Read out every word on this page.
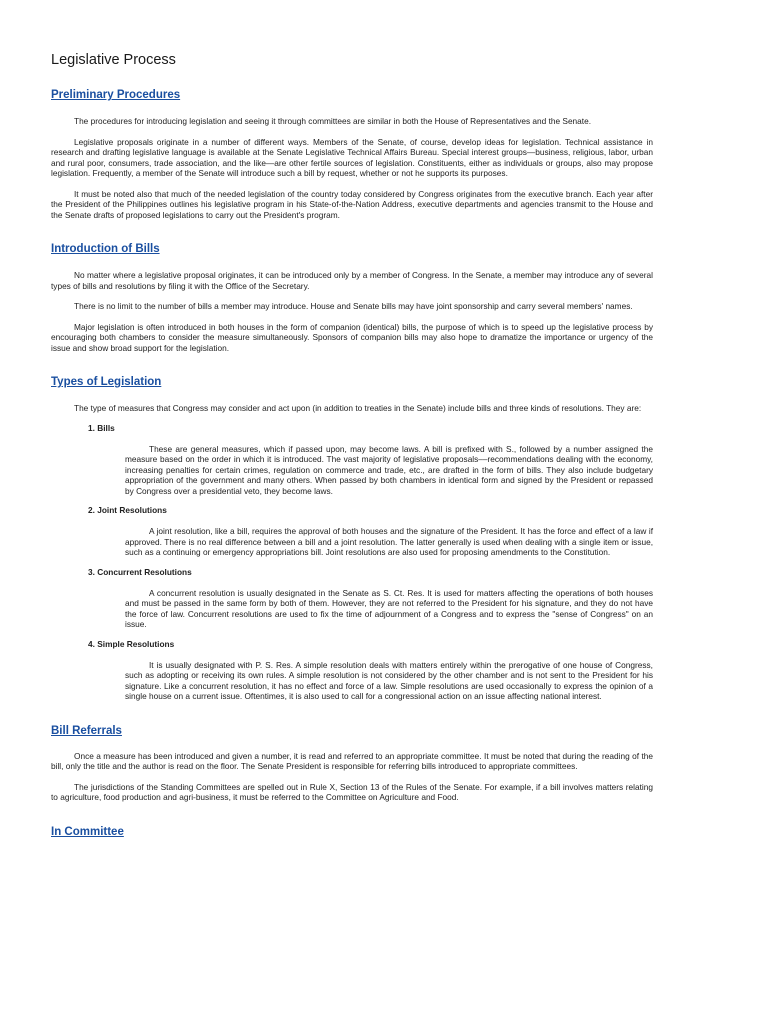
Legislative Process
Preliminary Procedures

The procedures for introducing legislation and seeing it through committees are similar in both the House of Representatives and the Senate.

Legislative proposals originate in a number of different ways. Members of the Senate, of course, develop ideas for legislation. Technical assistance in research and drafting legislative language is available at the Senate Legislative Technical Affairs Bureau. Special interest groups—business, religious, labor, urban and rural poor, consumers, trade association, and the like—are other fertile sources of legislation. Constituents, either as individuals or groups, also may propose legislation. Frequently, a member of the Senate will introduce such a bill by request, whether or not he supports its purposes.

It must be noted also that much of the needed legislation of the country today considered by Congress originates from the executive branch. Each year after the President of the Philippines outlines his legislative program in his State-of-the-Nation Address, executive departments and agencies transmit to the House and the Senate drafts of proposed legislations to carry out the President's program.

Introduction of Bills

No matter where a legislative proposal originates, it can be introduced only by a member of Congress. In the Senate, a member may introduce any of several types of bills and resolutions by filing it with the Office of the Secretary.

There is no limit to the number of bills a member may introduce. House and Senate bills may have joint sponsorship and carry several members' names.

Major legislation is often introduced in both houses in the form of companion (identical) bills, the purpose of which is to speed up the legislative process by encouraging both chambers to consider the measure simultaneously. Sponsors of companion bills may also hope to dramatize the importance or urgency of the issue and show broad support for the legislation.

Types of Legislation

The type of measures that Congress may consider and act upon (in addition to treaties in the Senate) include bills and three kinds of resolutions. They are:

1. Bills
These are general measures, which if passed upon, may become laws. A bill is prefixed with S., followed by a number assigned the measure based on the order in which it is introduced. The vast majority of legislative proposals––recommendations dealing with the economy, increasing penalties for certain crimes, regulation on commerce and trade, etc., are drafted in the form of bills. They also include budgetary appropriation of the government and many others. When passed by both chambers in identical form and signed by the President or repassed by Congress over a presidential veto, they become laws.
2. Joint Resolutions
A joint resolution, like a bill, requires the approval of both houses and the signature of the President. It has the force and effect of a law if approved. There is no real difference between a bill and a joint resolution. The latter generally is used when dealing with a single item or issue, such as a continuing or emergency appropriations bill. Joint resolutions are also used for proposing amendments to the Constitution.
3. Concurrent Resolutions
A concurrent resolution is usually designated in the Senate as S. Ct. Res. It is used for matters affecting the operations of both houses and must be passed in the same form by both of them. However, they are not referred to the President for his signature, and they do not have the force of law. Concurrent resolutions are used to fix the time of adjournment of a Congress and to express the "sense of Congress" on an issue.
4. Simple Resolutions
It is usually designated with P. S. Res. A simple resolution deals with matters entirely within the prerogative of one house of Congress, such as adopting or receiving its own rules. A simple resolution is not considered by the other chamber and is not sent to the President for his signature. Like a concurrent resolution, it has no effect and force of a law. Simple resolutions are used occasionally to express the opinion of a single house on a current issue. Oftentimes, it is also used to call for a congressional action on an issue affecting national interest.
Bill Referrals

Once a measure has been introduced and given a number, it is read and referred to an appropriate committee. It must be noted that during the reading of the bill, only the title and the author is read on the floor. The Senate President is responsible for referring bills introduced to appropriate committees.

The jurisdictions of the Standing Committees are spelled out in Rule X, Section 13 of the Rules of the Senate. For example, if a bill involves matters relating to agriculture, food production and agri-business, it must be referred to the Committee on Agriculture and Food.

In Committee
